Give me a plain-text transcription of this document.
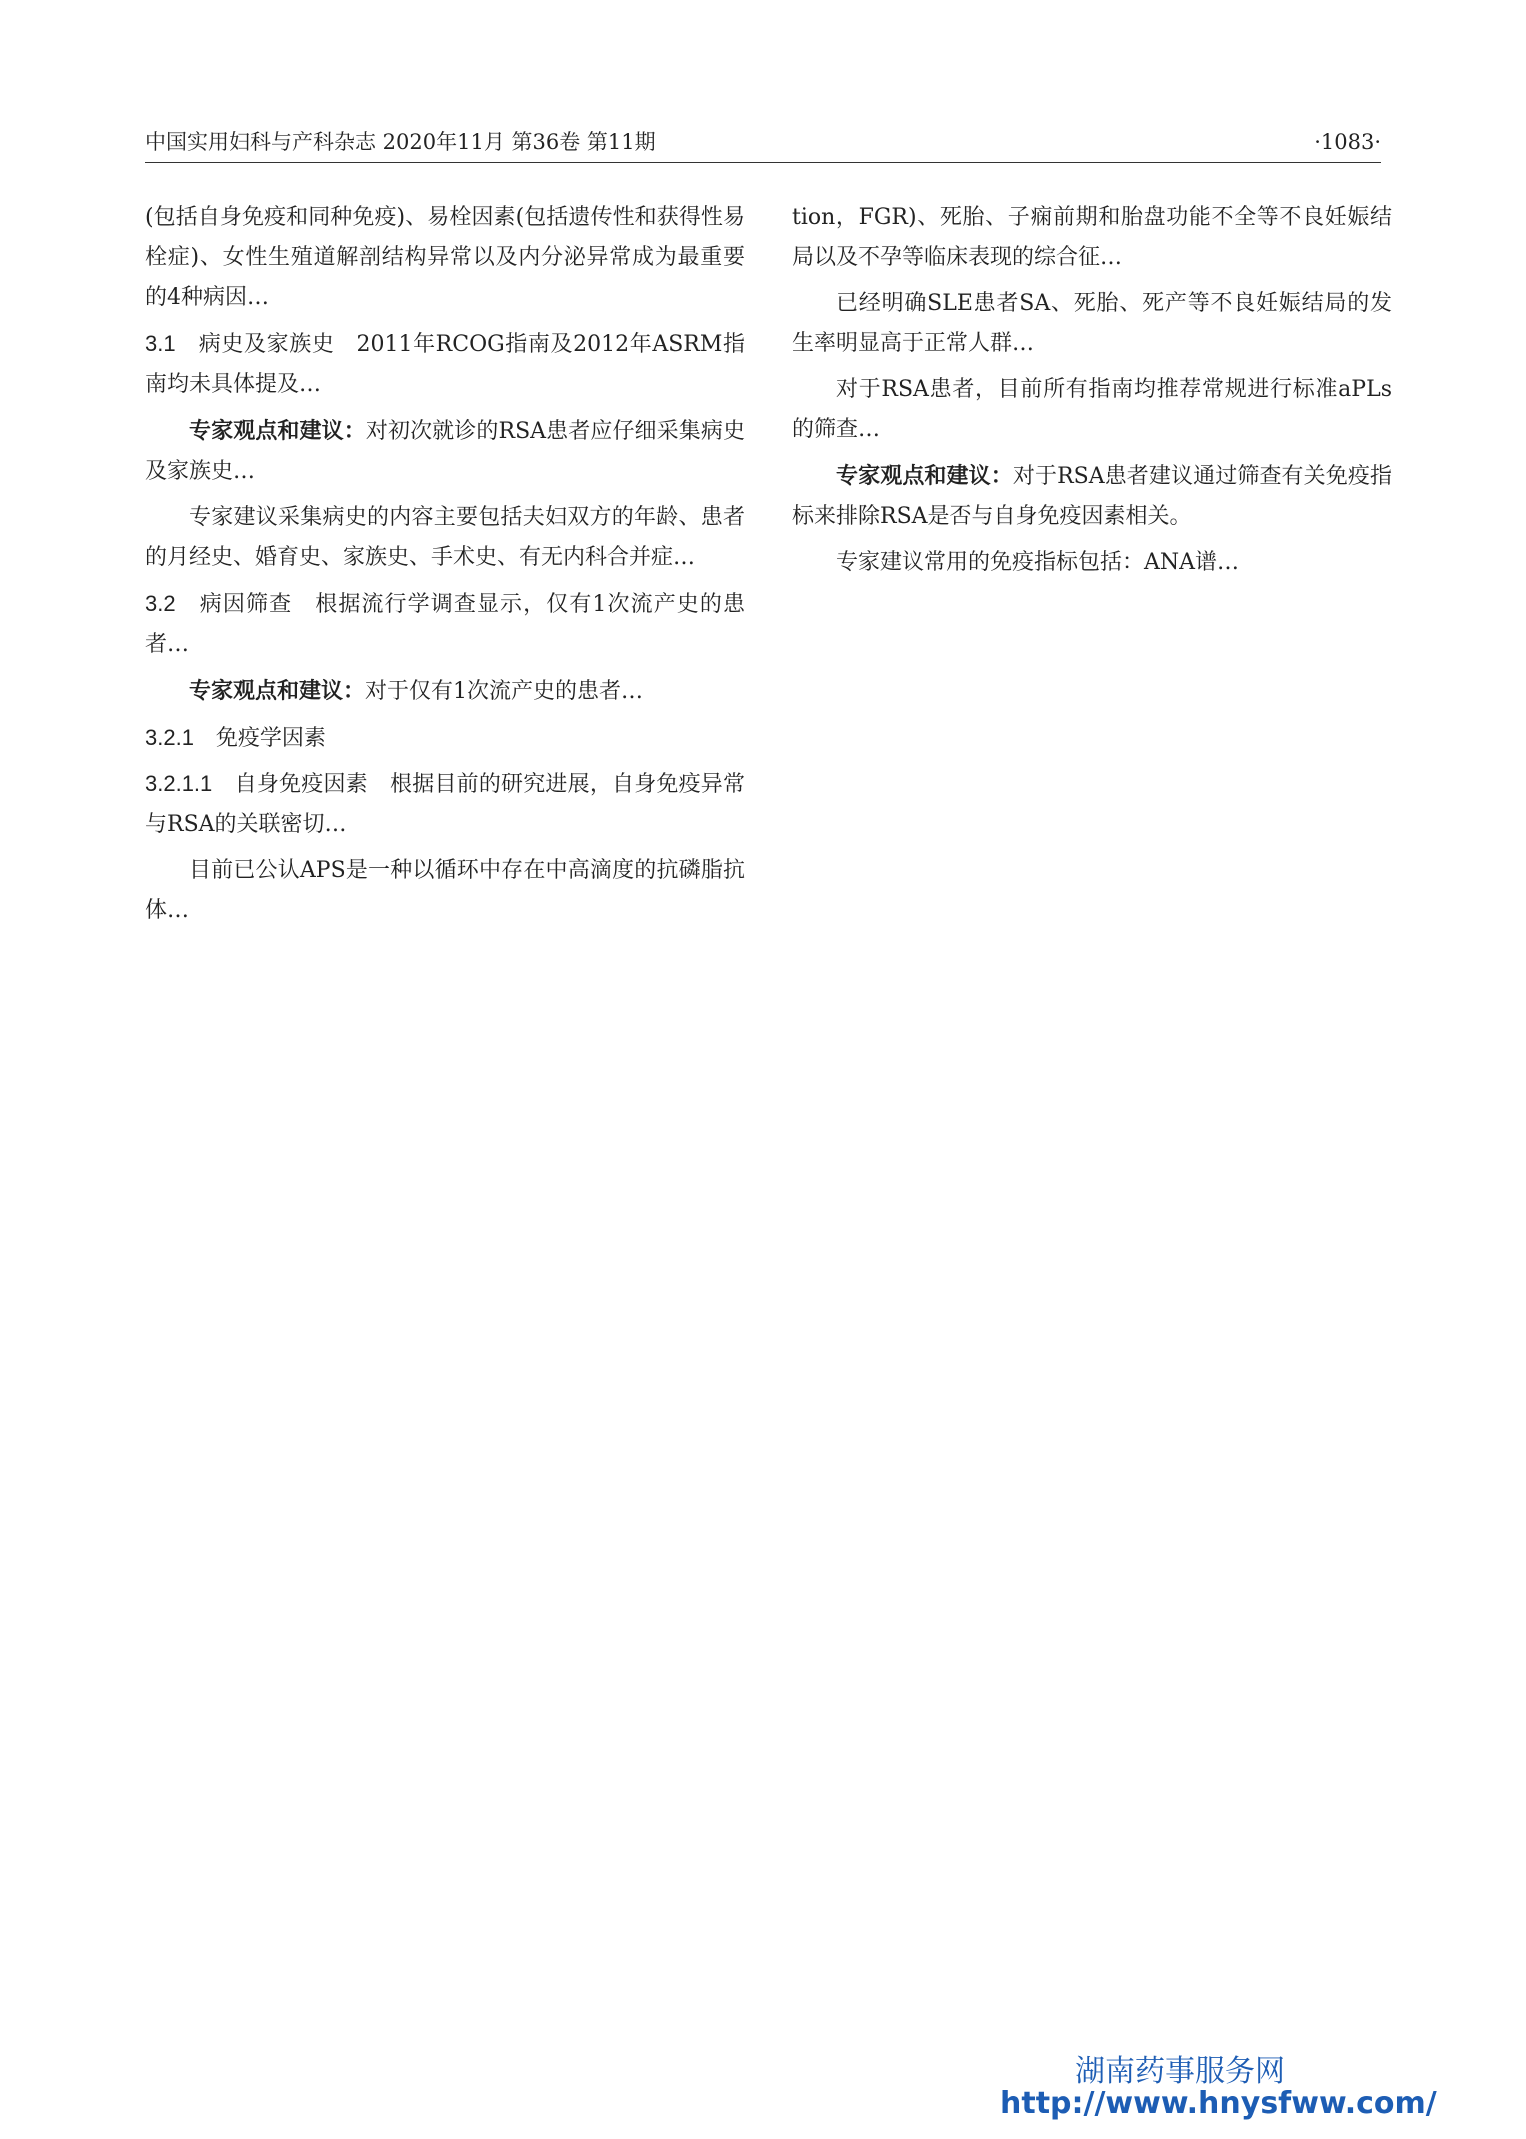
中国实用妇科与产科杂志 2020年11月 第36卷 第11期	·1083·

(包括自身免疫和同种免疫)、易栓因素(包括遗传性和获得性易栓症)、女性生殖道解剖结构异常以及内分泌异常成为最重要的4种病因…

3.1　病史及家族史  2011年RCOG指南及2012年ASRM指南均未具体提及…

专家观点和建议：对初次就诊的RSA患者应仔细采集病史及家族史…

专家建议采集病史的内容主要包括夫妇双方的年龄、患者的月经史、婚育史、家族史、手术史、有无内科合并症…

3.2　病因筛查  根据流行学调查显示，仅有1次流产史的患者…

专家观点和建议：对于仅有1次流产史的患者…

3.2.1　免疫学因素

3.2.1.1　自身免疫因素  根据目前的研究进展，自身免疫异常与RSA的关联密切…

目前已公认APS是一种以循环中存在中高滴度的抗磷脂抗体…

tion，FGR)、死胎、子痫前期和胎盘功能不全等不良妊娠结局以及不孕等临床表现的综合征…

已经明确SLE患者SA、死胎、死产等不良妊娠结局的发生率明显高于正常人群…

对于RSA患者，目前所有指南均推荐常规进行标准aPLs的筛查…

专家观点和建议：对于RSA患者建议通过筛查有关免疫指标来排除RSA是否与自身免疫因素相关。

专家建议常用的免疫指标包括：ANA谱…

湖南药事服务网
http://www.hnysfww.com/
